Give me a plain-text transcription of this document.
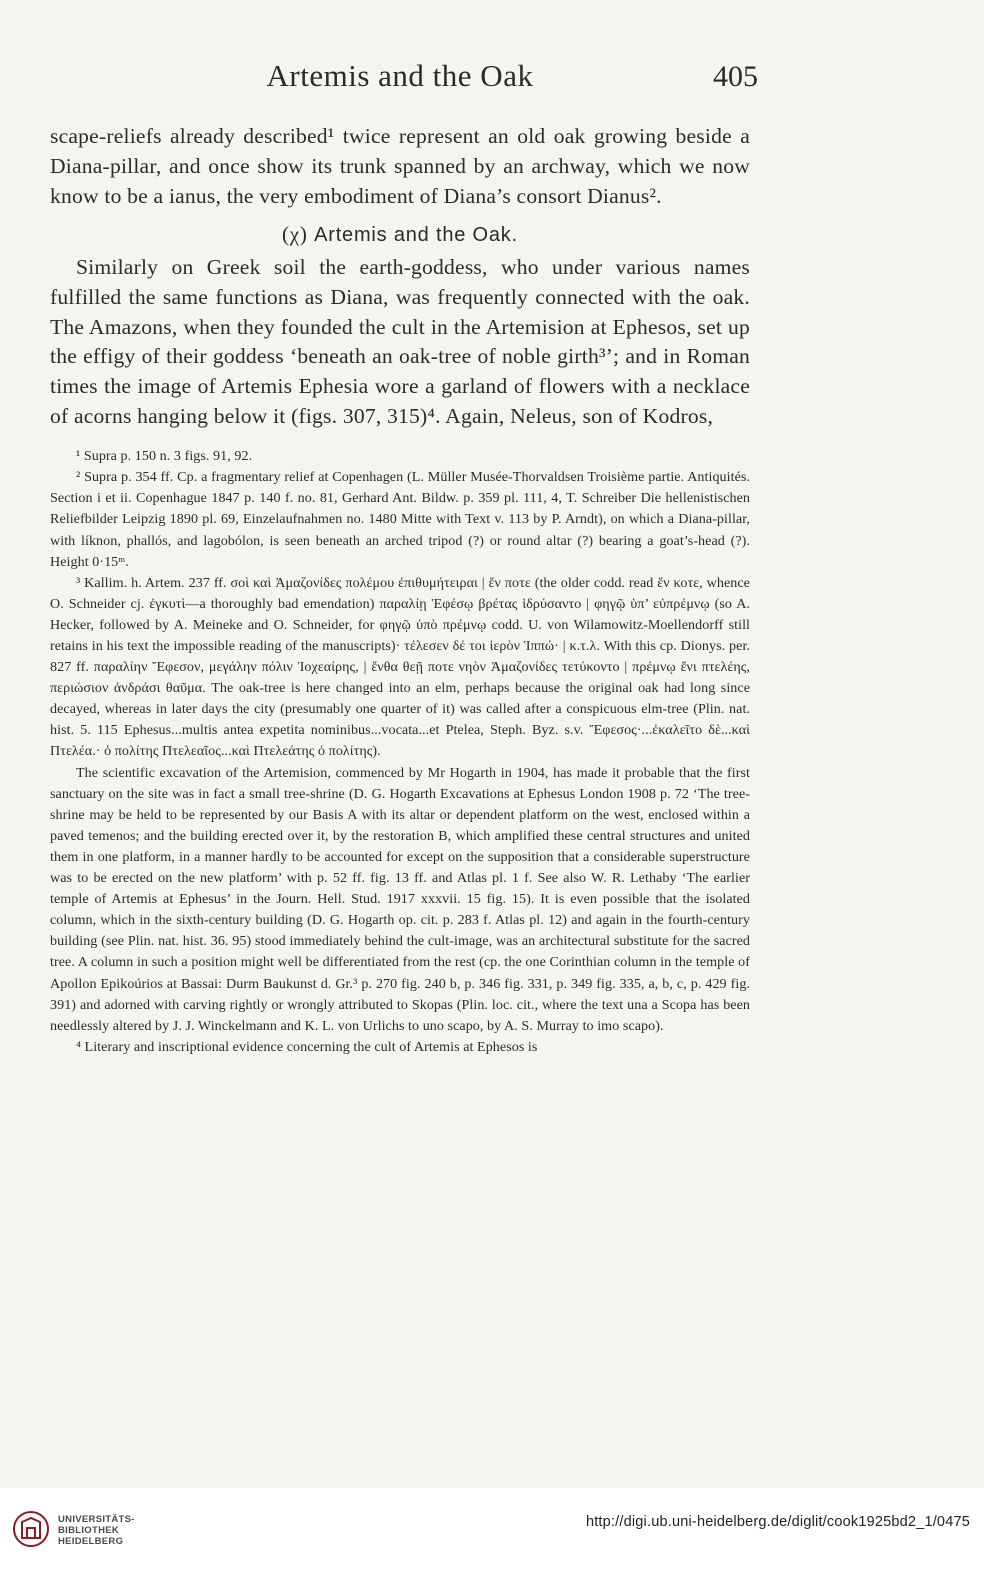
Artemis and the Oak	405

scape-reliefs already described¹ twice represent an old oak growing beside a Diana-pillar, and once show its trunk spanned by an archway, which we now know to be a ianus, the very embodiment of Diana’s consort Dianus².

(χ) Artemis and the Oak.

Similarly on Greek soil the earth-goddess, who under various names fulfilled the same functions as Diana, was frequently connected with the oak. The Amazons, when they founded the cult in the Artemision at Ephesos, set up the effigy of their goddess ‘beneath an oak-tree of noble girth³’; and in Roman times the image of Artemis Ephesia wore a garland of flowers with a necklace of acorns hanging below it (figs. 307, 315)⁴. Again, Neleus, son of Kodros,

¹ Supra p. 150 n. 3 figs. 91, 92.

² Supra p. 354 ff. Cp. a fragmentary relief at Copenhagen (L. Müller Musée-Thorvaldsen Troisième partie. Antiquités. Section i et ii. Copenhague 1847 p. 140 f. no. 81, Gerhard Ant. Bildw. p. 359 pl. 111, 4, T. Schreiber Die hellenistischen Reliefbilder Leipzig 1890 pl. 69, Einzelaufnahmen no. 1480 Mitte with Text v. 113 by P. Arndt), on which a Diana-pillar, with líknon, phallós, and lagobólon, is seen beneath an arched tripod (?) or round altar (?) bearing a goat’s-head (?). Height 0·15ᵐ.

³ Kallim. h. Artem. 237 ff. σοὶ καὶ Ἀμαζονίδες πολέμου ἐπιθυμήτειραι | ἔν ποτε (the older codd. read ἔν κοτε, whence O. Schneider cj. ἐγκυτὶ—a thoroughly bad emendation) παραλίῃ Ἐφέσῳ βρέτας ἱδρύσαντο | φηγῷ ὑπ’ εὐπρέμνῳ (so A. Hecker, followed by A. Meineke and O. Schneider, for φηγῷ ὑπὸ πρέμνῳ codd. U. von Wilamowitz-Moellendorff still retains in his text the impossible reading of the manuscripts)· τέλεσεν δέ τοι ἱερὸν Ἱππώ· | κ.τ.λ. With this cp. Dionys. per. 827 ff. παραλίην Ἔφεσον, μεγάλην πόλιν Ἰοχεαίρης, | ἔνθα θεῇ ποτε νηὸν Ἀμαζονίδες τετύκοντο | πρέμνῳ ἔνι πτελέης, περιώσιον ἀνδράσι θαῦμα. The oak-tree is here changed into an elm, perhaps because the original oak had long since decayed, whereas in later days the city (presumably one quarter of it) was called after a conspicuous elm-tree (Plin. nat. hist. 5. 115 Ephesus...multis antea expetita nominibus...vocata...et Ptelea, Steph. Byz. s.v. Ἔφεσος·...ἐκαλεῖτο δὲ...καὶ Πτελέα.· ὁ πολίτης Πτελεαῖος...καὶ Πτελεάτης ὁ πολίτης).

The scientific excavation of the Artemision, commenced by Mr Hogarth in 1904, has made it probable that the first sanctuary on the site was in fact a small tree-shrine (D. G. Hogarth Excavations at Ephesus London 1908 p. 72 ‘The tree-shrine may be held to be represented by our Basis A with its altar or dependent platform on the west, enclosed within a paved temenos; and the building erected over it, by the restoration B, which amplified these central structures and united them in one platform, in a manner hardly to be accounted for except on the supposition that a considerable superstructure was to be erected on the new platform’ with p. 52 ff. fig. 13 ff. and Atlas pl. 1 f. See also W. R. Lethaby ‘The earlier temple of Artemis at Ephesus’ in the Journ. Hell. Stud. 1917 xxxvii. 15 fig. 15). It is even possible that the isolated column, which in the sixth-century building (D. G. Hogarth op. cit. p. 283 f. Atlas pl. 12) and again in the fourth-century building (see Plin. nat. hist. 36. 95) stood immediately behind the cult-image, was an architectural substitute for the sacred tree. A column in such a position might well be differentiated from the rest (cp. the one Corinthian column in the temple of Apollon Epikoúrios at Bassai: Durm Baukunst d. Gr.³ p. 270 fig. 240 b, p. 346 fig. 331, p. 349 fig. 335, a, b, c, p. 429 fig. 391) and adorned with carving rightly or wrongly attributed to Skopas (Plin. loc. cit., where the text una a Scopa has been needlessly altered by J. J. Winckelmann and K. L. von Urlichs to uno scapo, by A. S. Murray to imo scapo).

⁴ Literary and inscriptional evidence concerning the cult of Artemis at Ephesos is

UNIVERSITÄTS-
BIBLIOTHEK
HEIDELBERG
http://digi.ub.uni-heidelberg.de/diglit/cook1925bd2_1/0475
